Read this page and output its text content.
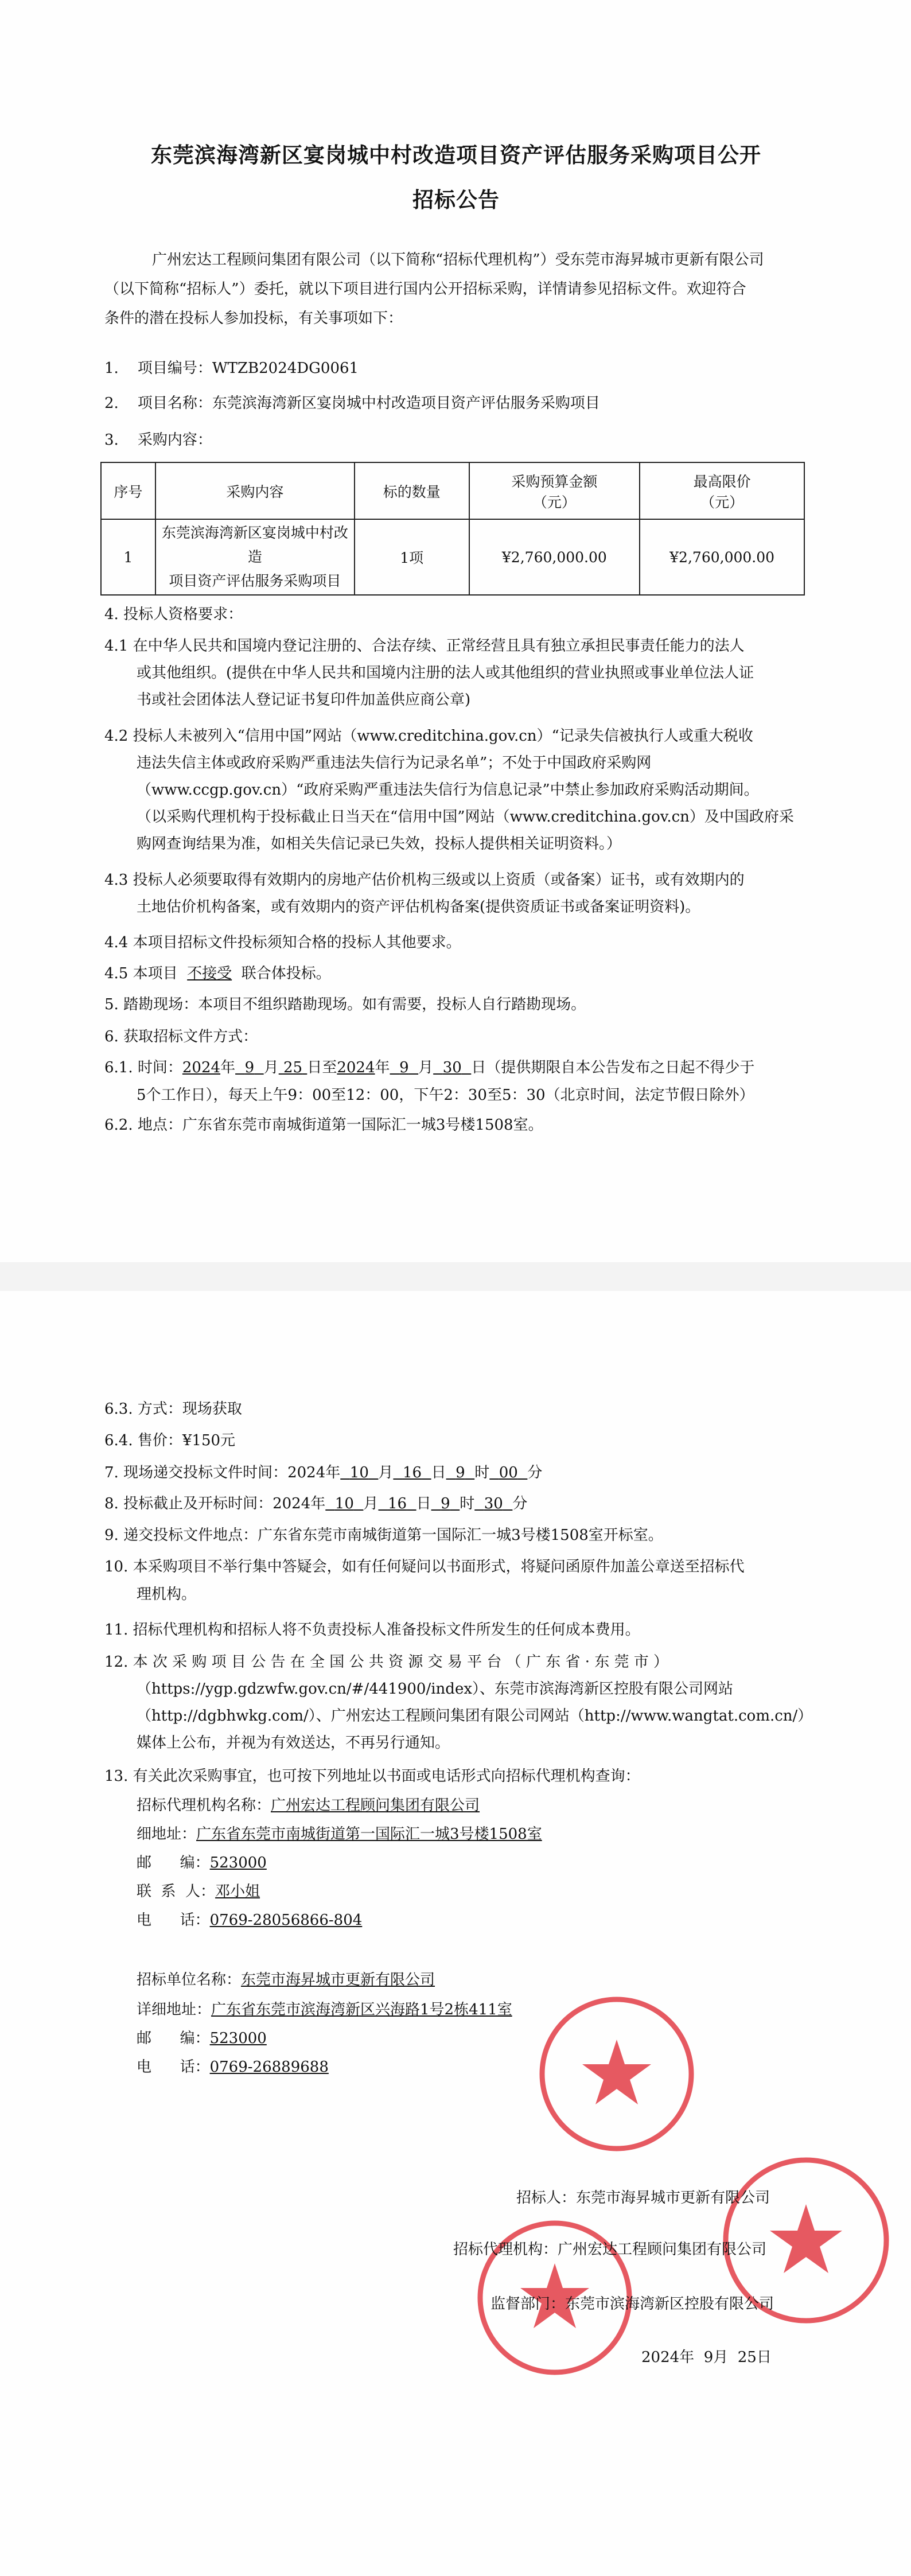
东莞滨海湾新区宴岗城中村改造项目资产评估服务采购项目公开
招标公告
广州宏达工程顾问集团有限公司（以下简称“招标代理机构”）受东莞市海昇城市更新有限公司
（以下简称“招标人”）委托，就以下项目进行国内公开招标采购，详情请参见招标文件。欢迎符合
条件的潜在投标人参加投标，有关事项如下：
1. 项目编号：WTZB2024DG0061
2. 项目名称：东莞滨海湾新区宴岗城中村改造项目资产评估服务采购项目
3. 采购内容：
序号	采购内容	标的数量	采购预算金额
（元）	最高限价
（元）
1	东莞滨海湾新区宴岗城中村改造
项目资产评估服务采购项目	1项	¥2,760,000.00	¥2,760,000.00
4. 投标人资格要求：
4.1 在中华人民共和国境内登记注册的、合法存续、正常经营且具有独立承担民事责任能力的法人
或其他组织。(提供在中华人民共和国境内注册的法人或其他组织的营业执照或事业单位法人证
书或社会团体法人登记证书复印件加盖供应商公章)
4.2 投标人未被列入“信用中国”网站（www.creditchina.gov.cn）“记录失信被执行人或重大税收
违法失信主体或政府采购严重违法失信行为记录名单”；不处于中国政府采购网
（www.ccgp.gov.cn）“政府采购严重违法失信行为信息记录”中禁止参加政府采购活动期间。
（以采购代理机构于投标截止日当天在“信用中国”网站（www.creditchina.gov.cn）及中国政府采
购网查询结果为准，如相关失信记录已失效，投标人提供相关证明资料。）
4.3 投标人必须要取得有效期内的房地产估价机构三级或以上资质（或备案）证书，或有效期内的
土地估价机构备案，或有效期内的资产评估机构备案(提供资质证书或备案证明资料)。
4.4 本项目招标文件投标须知合格的投标人其他要求。
4.5 本项目 不接受 联合体投标。
5. 踏勘现场：本项目不组织踏勘现场。如有需要，投标人自行踏勘现场。
6. 获取招标文件方式：
6.1. 时间：2024年 9 月 25 日至2024年 9 月 30 日（提供期限自本公告发布之日起不得少于
5个工作日），每天上午9：00至12：00，下午2：30至5：30（北京时间，法定节假日除外）
6.2. 地点：广东省东莞市南城街道第一国际汇一城3号楼1508室。
6.3. 方式：现场获取
6.4. 售价：¥150元
7. 现场递交投标文件时间：2024年 10 月 16 日 9 时 00 分
8. 投标截止及开标时间：2024年 10 月 16 日 9 时 30 分
9. 递交投标文件地点：广东省东莞市南城街道第一国际汇一城3号楼1508室开标室。
10. 本采购项目不举行集中答疑会，如有任何疑问以书面形式，将疑问函原件加盖公章送至招标代
理机构。
11. 招标代理机构和招标人将不负责投标人准备投标文件所发生的任何成本费用。
12. 本 次 采 购 项 目 公 告 在 全 国 公 共 资 源 交 易 平 台 （ 广 东 省 · 东 莞 市 ）
（https://ygp.gdzwfw.gov.cn/#/441900/index）、东莞市滨海湾新区控股有限公司网站
（http://dgbhwkg.com/）、广州宏达工程顾问集团有限公司网站（http://www.wangtat.com.cn/）
媒体上公布，并视为有效送达，不再另行通知。
13. 有关此次采购事宜，也可按下列地址以书面或电话形式向招标代理机构查询：
招标代理机构名称：广州宏达工程顾问集团有限公司
细地址：广东省东莞市南城街道第一国际汇一城3号楼1508室
邮      编：523000
联  系  人：邓小姐
电      话：0769-28056866-804
招标单位名称：东莞市海昇城市更新有限公司
详细地址：广东省东莞市滨海湾新区兴海路1号2栋411室
邮      编：523000
电      话：0769-26889688
招标人：东莞市海昇城市更新有限公司
招标代理机构：广州宏达工程顾问集团有限公司
监督部门：东莞市滨海湾新区控股有限公司
2024年  9月  25日
